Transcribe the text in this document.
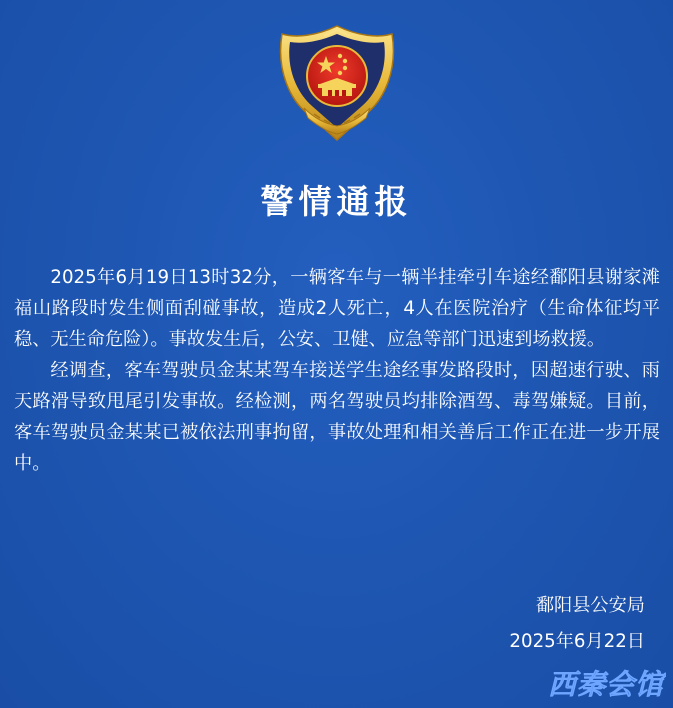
警情通报

2025年6月19日13时32分，一辆客车与一辆半挂牵引车途经鄱阳县谢家滩福山路段时发生侧面刮碰事故，造成2人死亡，4人在医院治疗（生命体征均平稳、无生命危险）。事故发生后，公安、卫健、应急等部门迅速到场救援。

经调查，客车驾驶员金某某驾车接送学生途经事发路段时，因超速行驶、雨天路滑导致甩尾引发事故。经检测，两名驾驶员均排除酒驾、毒驾嫌疑。目前，客车驾驶员金某某已被依法刑事拘留，事故处理和相关善后工作正在进一步开展中。

鄱阳县公安局
2025年6月22日
西秦会馆
